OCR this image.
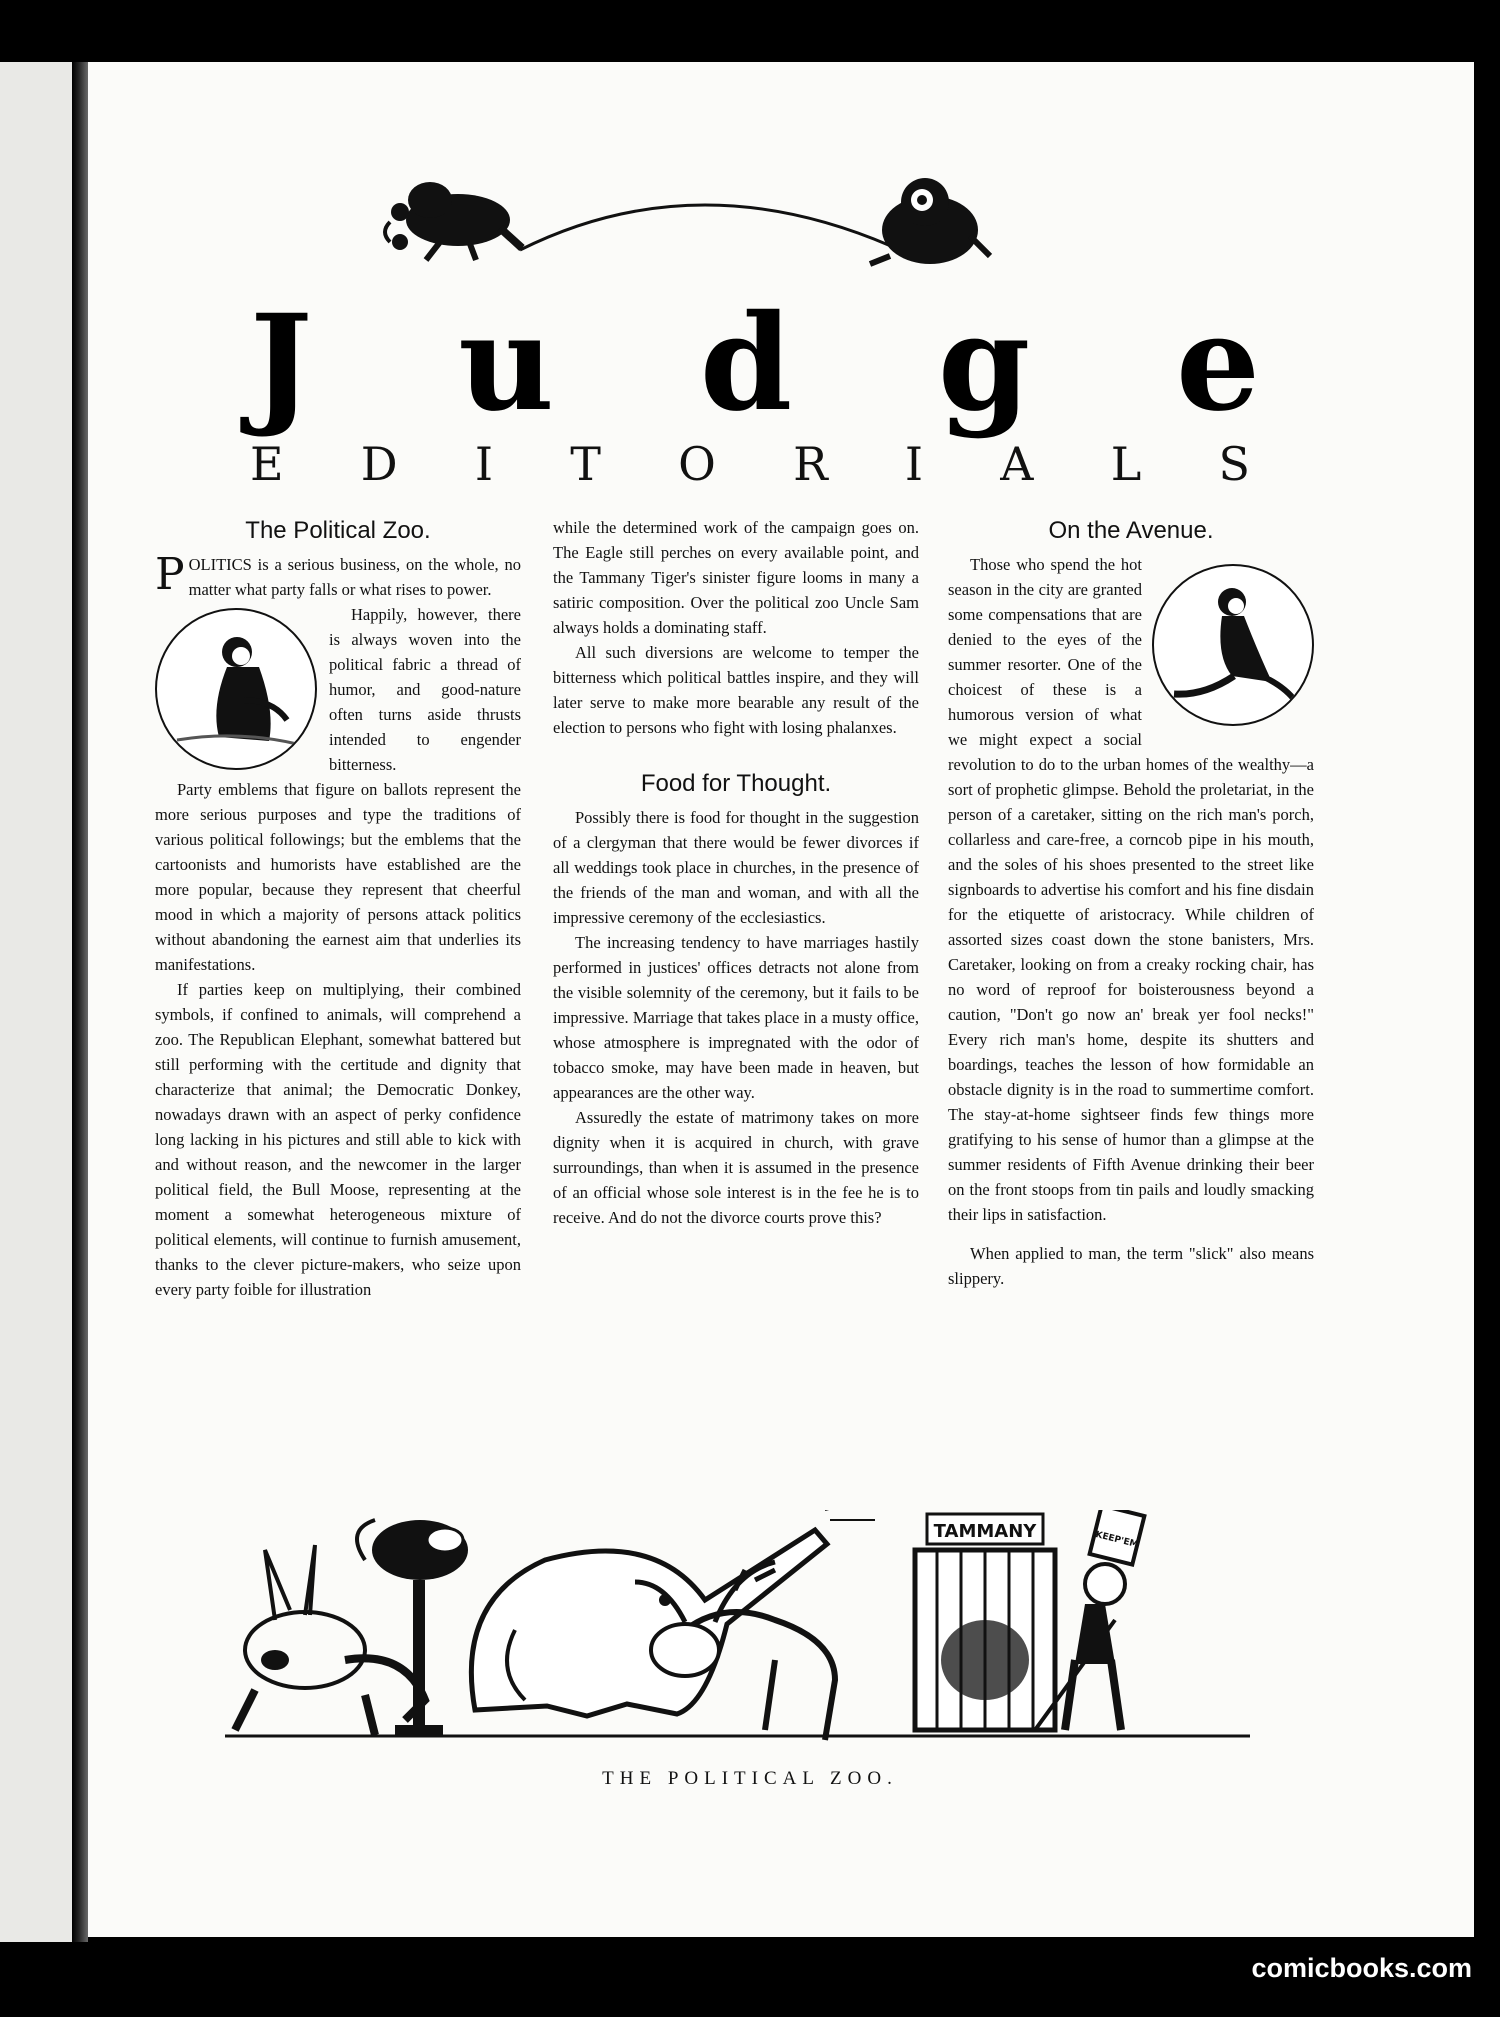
J u d g e
E D I T O R I A L S
The Political Zoo.

POLITICS is a serious business, on the whole, no matter what party falls or what rises to power.

Happily, however, there is always woven into the political fabric a thread of humor, and good-nature often turns aside thrusts intended to engender bitterness.

Party emblems that figure on ballots represent the more serious purposes and type the traditions of various political followings; but the emblems that the cartoonists and humorists have established are the more popular, because they represent that cheerful mood in which a majority of persons attack politics without abandoning the earnest aim that underlies its manifestations.

If parties keep on multiplying, their combined symbols, if confined to animals, will comprehend a zoo. The Republican Elephant, somewhat battered but still performing with the certitude and dignity that characterize that animal; the Democratic Donkey, nowadays drawn with an aspect of perky confidence long lacking in his pictures and still able to kick with and without reason, and the newcomer in the larger political field, the Bull Moose, representing at the moment a somewhat heterogeneous mixture of political elements, will continue to furnish amusement, thanks to the clever picture-makers, who seize upon every party foible for illustration

while the determined work of the campaign goes on. The Eagle still perches on every available point, and the Tammany Tiger's sinister figure looms in many a satiric composition. Over the political zoo Uncle Sam always holds a dominating staff.

All such diversions are welcome to temper the bitterness which political battles inspire, and they will later serve to make more bearable any result of the election to persons who fight with losing phalanxes.

Food for Thought.

Possibly there is food for thought in the suggestion of a clergyman that there would be fewer divorces if all weddings took place in churches, in the presence of the friends of the man and woman, and with all the impressive ceremony of the ecclesiastics.

The increasing tendency to have marriages hastily performed in justices' offices detracts not alone from the visible solemnity of the ceremony, but it fails to be impressive. Marriage that takes place in a musty office, whose atmosphere is impregnated with the odor of tobacco smoke, may have been made in heaven, but appearances are the other way.

Assuredly the estate of matrimony takes on more dignity when it is acquired in church, with grave surroundings, than when it is assumed in the presence of an official whose sole interest is in the fee he is to receive. And do not the divorce courts prove this?

On the Avenue.

Those who spend the hot season in the city are granted some compensations that are denied to the eyes of the summer resorter. One of the choicest of these is a humorous version of what we might expect a social revolution to do to the urban homes of the wealthy—a sort of prophetic glimpse. Behold the proletariat, in the person of a caretaker, sitting on the rich man's porch, collarless and care-free, a corncob pipe in his mouth, and the soles of his shoes presented to the street like signboards to advertise his comfort and his fine disdain for the etiquette of aristocracy. While children of assorted sizes coast down the stone banisters, Mrs. Caretaker, looking on from a creaky rocking chair, has no word of reproof for boisterousness beyond a caution, "Don't go now an' break yer fool necks!" Every rich man's home, despite its shutters and boardings, teaches the lesson of how formidable an obstacle dignity is in the road to summertime comfort. The stay-at-home sightseer finds few things more gratifying to his sense of humor than a glimpse at the summer residents of Fifth Avenue drinking their beer on the front stoops from tin pails and loudly smacking their lips in satisfaction.

When applied to man, the term "slick" also means slippery.

TAMMANY	KEEP'EM
THE POLITICAL ZOO.
comicbooks.com
